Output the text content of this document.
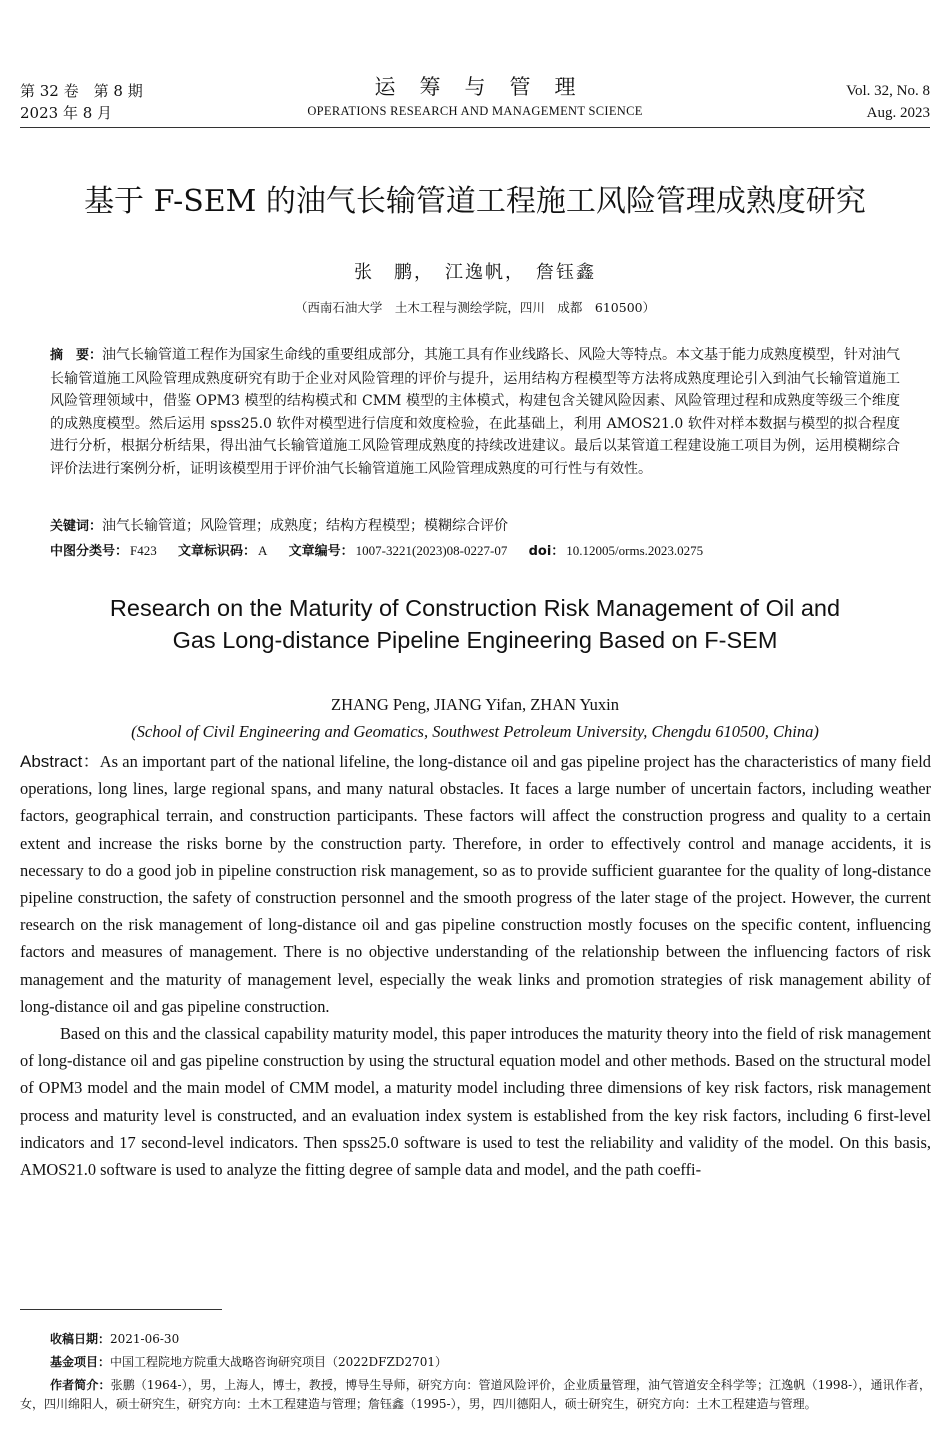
第 32 卷　第 8 期
2023 年 8 月
运筹与管理
OPERATIONS RESEARCH AND MANAGEMENT SCIENCE
Vol. 32, No. 8
Aug. 2023
基于 F-SEM 的油气长输管道工程施工风险管理成熟度研究
张　鹏，　江逸帆，　詹钰鑫
（西南石油大学　土木工程与测绘学院，四川　成都　610500）
摘　要：油气长输管道工程作为国家生命线的重要组成部分，其施工具有作业线路长、风险大等特点。本文基于能力成熟度模型，针对油气长输管道施工风险管理成熟度研究有助于企业对风险管理的评价与提升，运用结构方程模型等方法将成熟度理论引入到油气长输管道施工风险管理领域中，借鉴 OPM3 模型的结构模式和 CMM 模型的主体模式，构建包含关键风险因素、风险管理过程和成熟度等级三个维度的成熟度模型。然后运用 spss25.0 软件对模型进行信度和效度检验，在此基础上，利用 AMOS21.0 软件对样本数据与模型的拟合程度进行分析，根据分析结果，得出油气长输管道施工风险管理成熟度的持续改进建议。最后以某管道工程建设施工项目为例，运用模糊综合评价法进行案例分析，证明该模型用于评价油气长输管道施工风险管理成熟度的可行性与有效性。
关键词：油气长输管道；风险管理；成熟度；结构方程模型；模糊综合评价
中图分类号： F423 文章标识码： A 文章编号： 1007-3221(2023)08-0227-07 doi： 10.12005/orms.2023.0275
Research on the Maturity of Construction Risk Management of Oil and
Gas Long-distance Pipeline Engineering Based on F-SEM
ZHANG Peng, JIANG Yifan, ZHAN Yuxin
(School of Civil Engineering and Geomatics, Southwest Petroleum University, Chengdu 610500, China)

Abstract：As an important part of the national lifeline, the long-distance oil and gas pipeline project has the characteristics of many field operations, long lines, large regional spans, and many natural obstacles. It faces a large number of uncertain factors, including weather factors, geographical terrain, and construction participants. These factors will affect the construction progress and quality to a certain extent and increase the risks borne by the construction party. Therefore, in order to effectively control and manage accidents, it is necessary to do a good job in pipeline construction risk management, so as to provide sufficient guarantee for the quality of long-distance pipeline construction, the safety of construction personnel and the smooth progress of the later stage of the project. However, the current research on the risk management of long-distance oil and gas pipeline construction mostly focuses on the specific content, influencing factors and measures of management. There is no objective understanding of the relationship between the influencing factors of risk management and the maturity of management level, especially the weak links and promotion strategies of risk management ability of long-distance oil and gas pipeline construction.

Based on this and the classical capability maturity model, this paper introduces the maturity theory into the field of risk management of long-distance oil and gas pipeline construction by using the structural equation model and other methods. Based on the structural model of OPM3 model and the main model of CMM model, a maturity model including three dimensions of key risk factors, risk management process and maturity level is constructed, and an evaluation index system is established from the key risk factors, including 6 first-level indicators and 17 second-level indicators. Then spss25.0 software is used to test the reliability and validity of the model. On this basis, AMOS21.0 software is used to analyze the fitting degree of sample data and model, and the path coeffi-

收稿日期：2021-06-30
基金项目：中国工程院地方院重大战略咨询研究项目（2022DFZD2701）
作者简介：张鹏（1964-），男，上海人，博士，教授，博导生导师，研究方向：管道风险评价，企业质量管理，油气管道安全科学等；江逸帆（1998-），通讯作者，女，四川绵阳人，硕士研究生，研究方向：土木工程建造与管理；詹钰鑫（1995-），男，四川德阳人，硕士研究生，研究方向：土木工程建造与管理。
